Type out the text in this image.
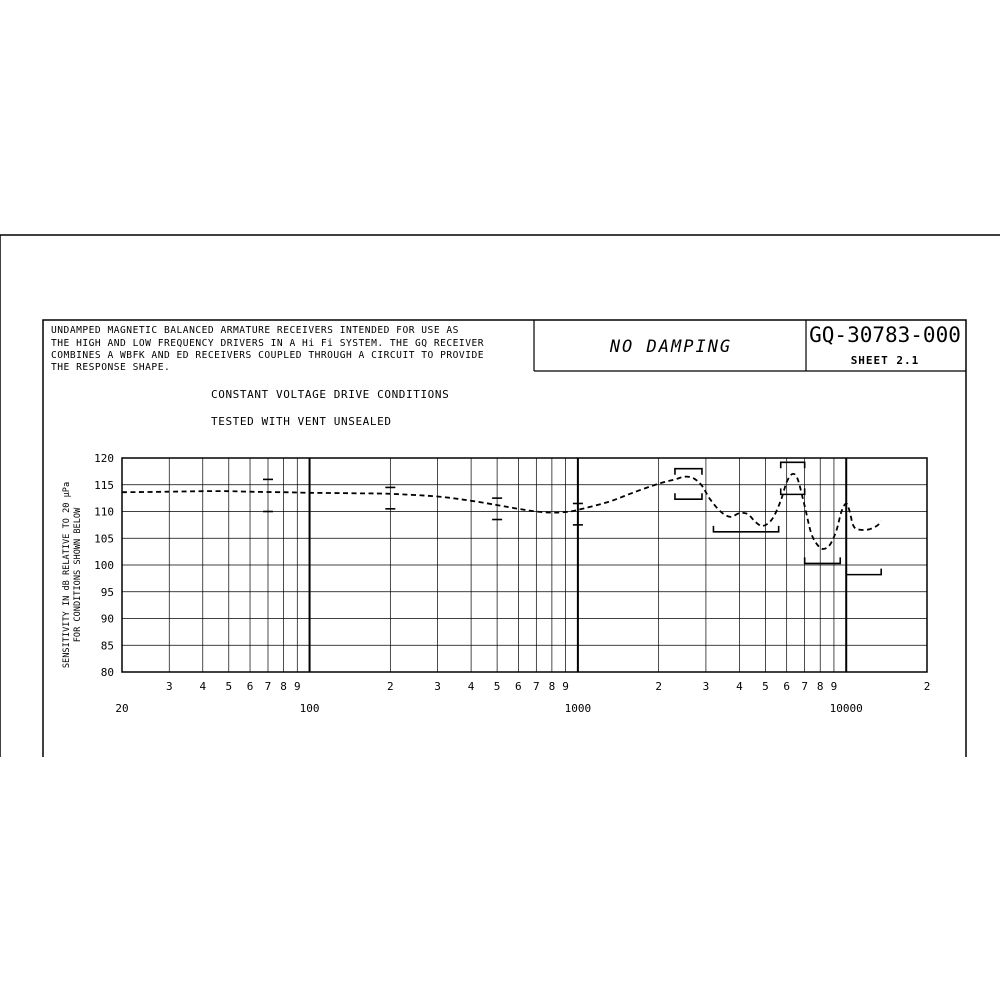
UNDAMPED MAGNETIC BALANCED ARMATURE RECEIVERS INTENDED FOR USE AS
THE HIGH AND LOW FREQUENCY DRIVERS IN A Hi Fi SYSTEM. THE GQ RECEIVER
COMBINES A WBFK AND ED RECEIVERS COUPLED THROUGH A CIRCUIT TO PROVIDE
THE RESPONSE SHAPE.
NO DAMPING	GQ-30783-000
SHEET 2.1
CONSTANT VOLTAGE DRIVE CONDITIONS
TESTED WITH VENT UNSEALED
SENSITIVITY IN dB RELATIVE TO 20 μPa FOR CONDITIONS SHOWN BELOW
80
85
90
95
100
105
110
115
120
20
3 4 5 6 7 8 9
100
2	3 4 5 6 7 8 9
1000
2	3 4 5 6 7 8 9
10000
2
